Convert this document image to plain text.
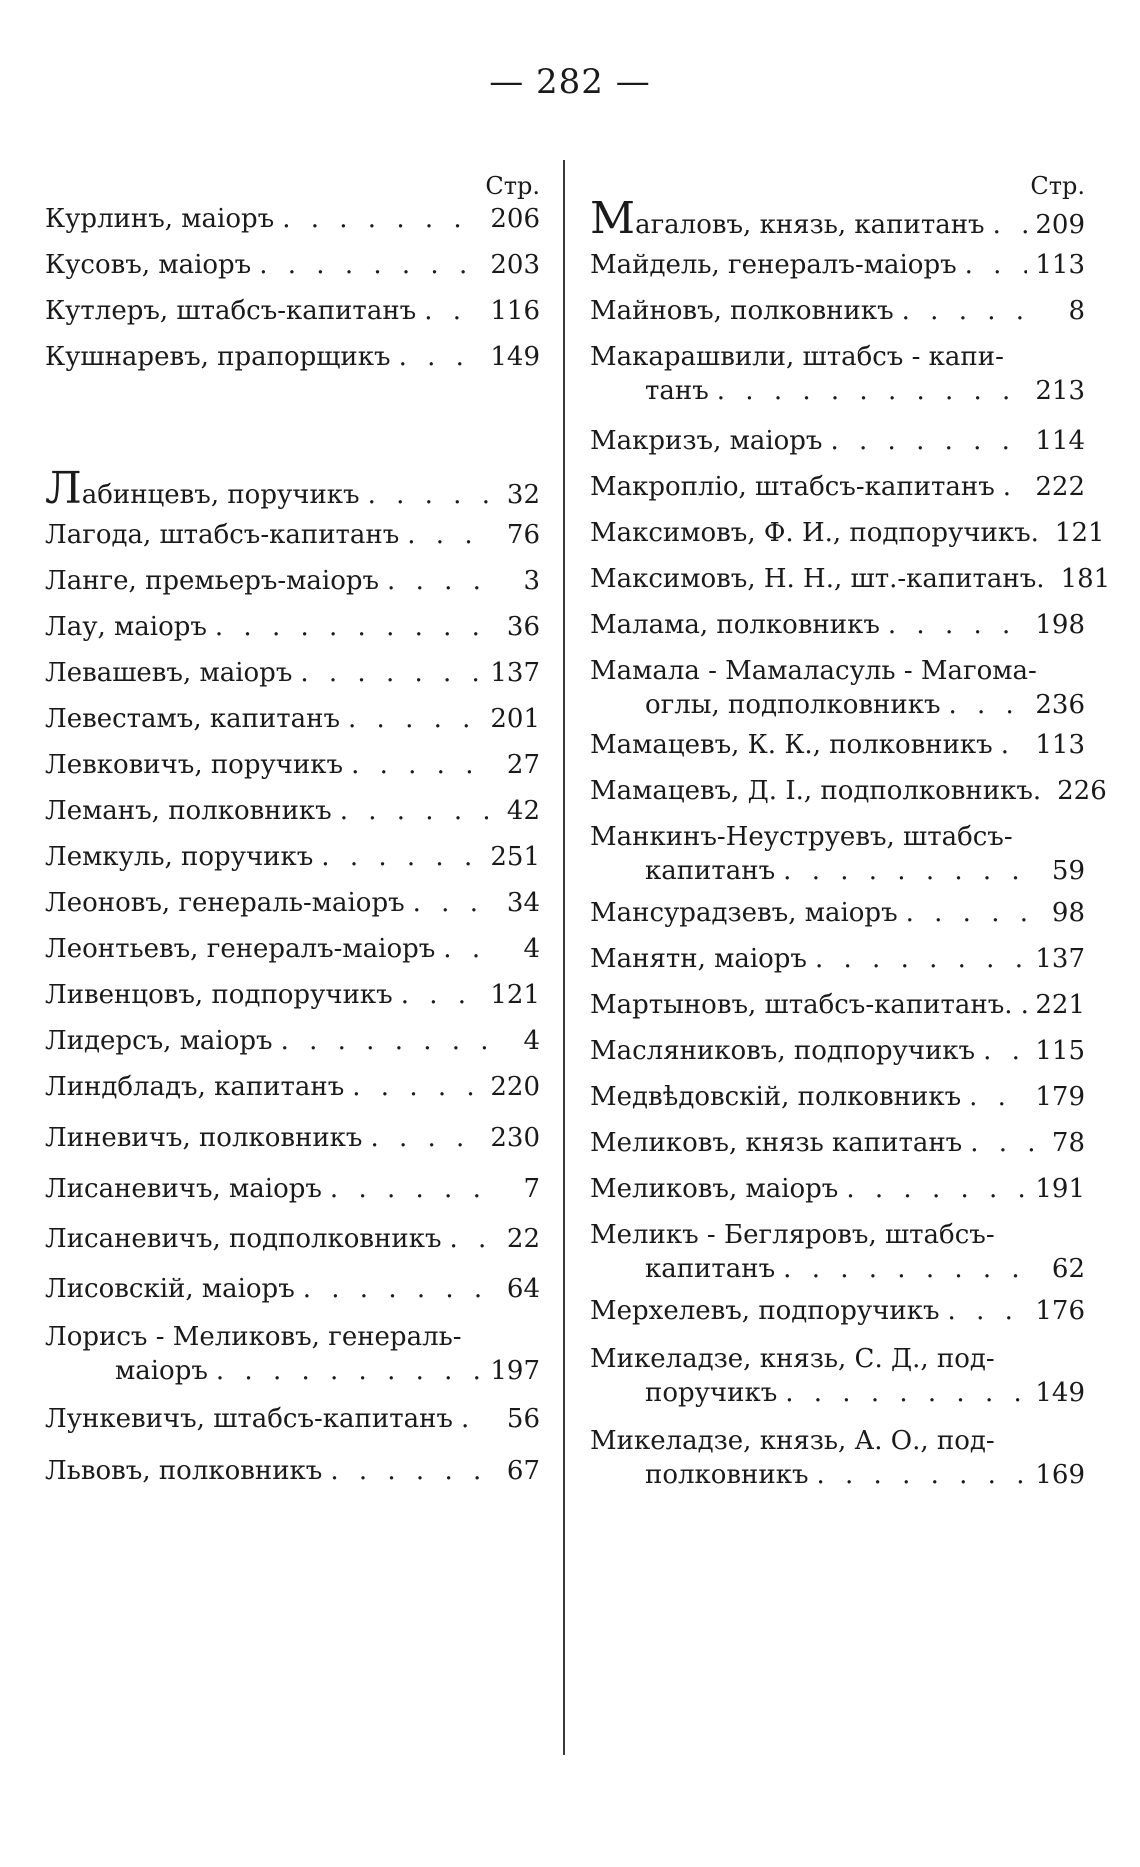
— 282 —
Стр.
Курлинъ, маіоръ . . .	206
Кусовъ, маіоръ . . .	203
Кутлеръ, штабсъ-капитанъ . . .	116
Кушнаревъ, прапорщикъ . . .	149
Лабинцевъ, поручикъ . . .	32
Лагода, штабсъ-капитанъ . . .	76
Ланге, премьеръ-маіоръ . . .	3
Лау, маіоръ . . .	36
Левашевъ, маіоръ . . .	137
Левестамъ, капитанъ . . .	201
Левковичъ, поручикъ . . .	27
Леманъ, полковникъ . . .	42
Лемкуль, поручикъ . . .	251
Леоновъ, генераль-маіоръ . . .	34
Леонтьевъ, генералъ-маіоръ . . .	4
Ливенцовъ, подпоручикъ . . .	121
Лидерсъ, маіоръ . . .	4
Линдбладъ, капитанъ . . .	220
Линевичъ, полковникъ . . .	230
Лисаневичъ, маіоръ . . .	7
Лисаневичъ, подполковникъ . . .	22
Лисовскій, маіоръ . . .	64
Лорисъ - Меликовъ, генераль-
маіоръ . . .	197
Лункевичъ, штабсъ-капитанъ . . .	56
Львовъ, полковникъ . . .	67
Стр.
Магаловъ, князь, капитанъ . . . 209
Майдель, генералъ-маіоръ . . .	113
Майновъ, полковникъ . . .	8
Макарашвили, штабсъ - капи-
танъ . . .	213
Макризъ, маіоръ . . .	114
Макропліо, штабсъ-капитанъ . . . 222
Максимовъ, Ф. И., подпоручикъ. 121
Максимовъ, Н. Н., шт.-капитанъ. 181
Малама, полковникъ . . .	198
Мамала - Мамаласуль - Магома-
оглы, подполковникъ . . .	236
Мамацевъ, К. К., полковникъ . . . 113
Мамацевъ, Д. І., подполковникъ. 226
Манкинъ-Неуструевъ, штабсъ-
капитанъ . . .	59
Мансурадзевъ, маіоръ . . .	98
Манятн, маіоръ . . .	137
Мартыновъ, штабсъ-капитанъ. . . . 221
Масляниковъ, подпоручикъ . . . 115
Медвѣдовскій, полковникъ . . .	179
Меликовъ, князь капитанъ . . .	78
Меликовъ, маіоръ . . .	191
Меликъ - Бегляровъ, штабсъ-
капитанъ . . .	62
Мерхелевъ, подпоручикъ . . .	176
Микеладзе, князь, С. Д., под-
поручикъ . . .	149
Микеладзе, князь, А. О., под-
полковникъ . . .	169
